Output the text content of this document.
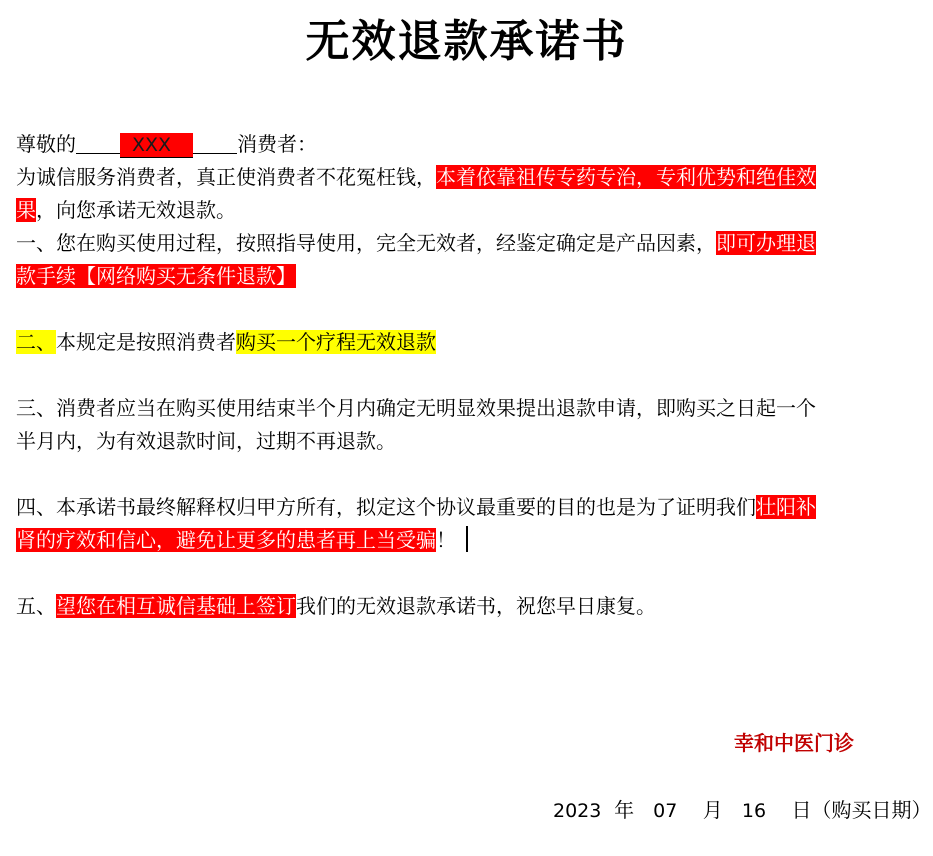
无效退款承诺书
尊敬的	XXX	消费者：
为诚信服务消费者，真正使消费者不花冤枉钱，本着依靠祖传专药专治，专利优势和绝佳效
果，向您承诺无效退款。
一、您在购买使用过程，按照指导使用，完全无效者，经鉴定确定是产品因素，即可办理退
款手续【网络购买无条件退款】
二、本规定是按照消费者购买一个疗程无效退款
三、消费者应当在购买使用结束半个月内确定无明显效果提出退款申请，即购买之日起一个
半月内，为有效退款时间，过期不再退款。
四、本承诺书最终解释权归甲方所有，拟定这个协议最重要的目的也是为了证明我们壮阳补
肾的疗效和信心，避免让更多的患者再上当受骗！
五、望您在相互诚信基础上签订我们的无效退款承诺书，祝您早日康复。
幸和中医门诊
2023 年 07 月 16 日（购买日期）
